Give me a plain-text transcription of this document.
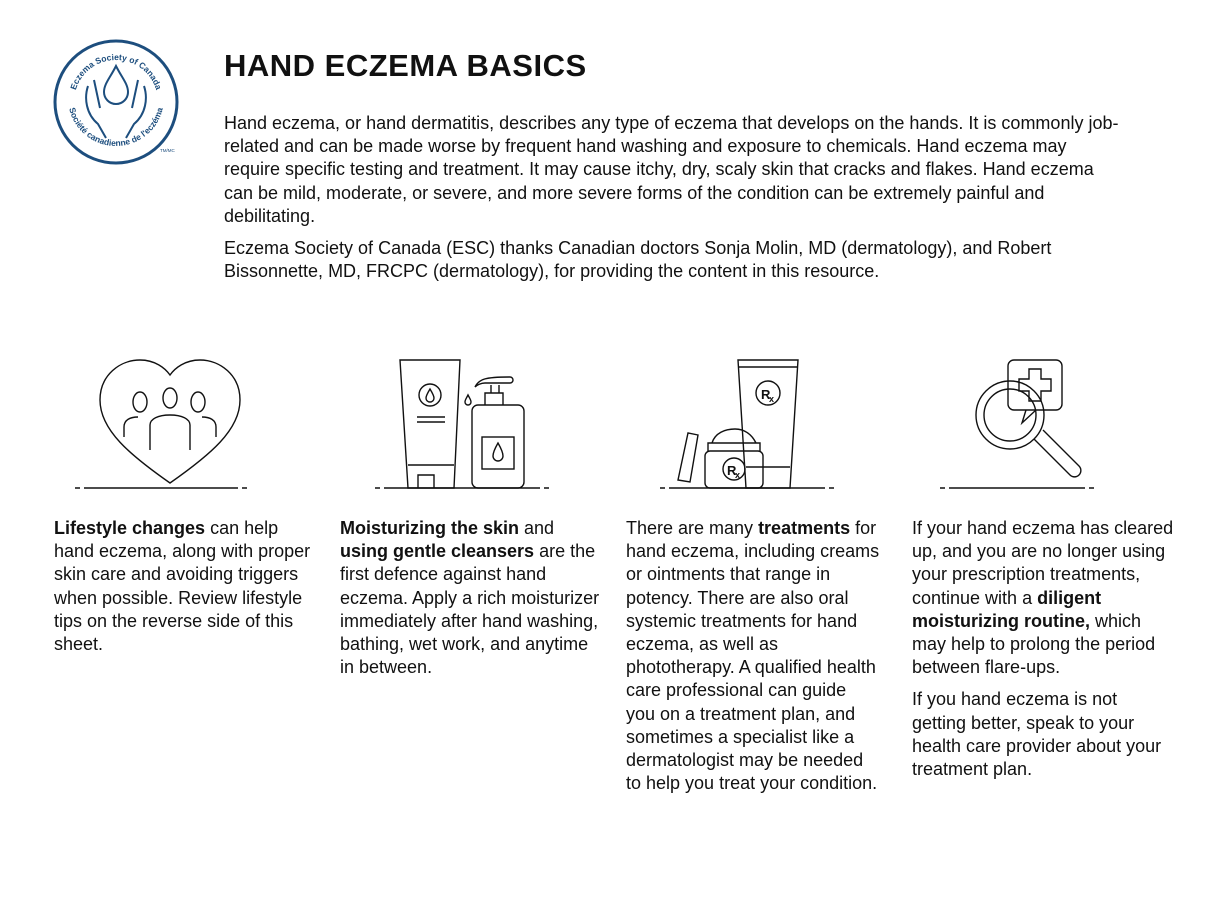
Eczema Society of Canada
Société canadienne de l'eczéma
TM/MC
HAND ECZEMA BASICS

Hand eczema, or hand dermatitis, describes any type of eczema that develops on the hands. It is commonly job-related and can be made worse by frequent hand washing and exposure to chemicals. Hand eczema may require specific testing and treatment. It may cause itchy, dry, scaly skin that cracks and flakes. Hand eczema can be mild, moderate, or severe, and more severe forms of the condition can be extremely painful and debilitating.

Eczema Society of Canada (ESC) thanks Canadian doctors Sonja Molin, MD (dermatology), and Robert Bissonnette, MD, FRCPC (dermatology), for providing the content in this resource.

R
x
R
x

Lifestyle changes can help hand eczema, along with proper skin care and avoiding triggers when possible. Review lifestyle tips on the reverse side of this sheet.

Moisturizing the skin and using gentle cleansers are the first defence against hand eczema. Apply a rich moisturizer immediately after hand washing, bathing, wet work, and anytime in between.

There are many treatments for hand eczema, including creams or ointments that range in potency. There are also oral systemic treatments for hand eczema, as well as phototherapy. A qualified health care professional can guide you on a treatment plan, and sometimes a specialist like a dermatologist may be needed to help you treat your condition.

If your hand eczema has cleared up, and you are no longer using your prescription treatments, continue with a diligent moisturizing routine, which may help to prolong the period between flare-ups.

If you hand eczema is not getting better, speak to your health care provider about your treatment plan.
